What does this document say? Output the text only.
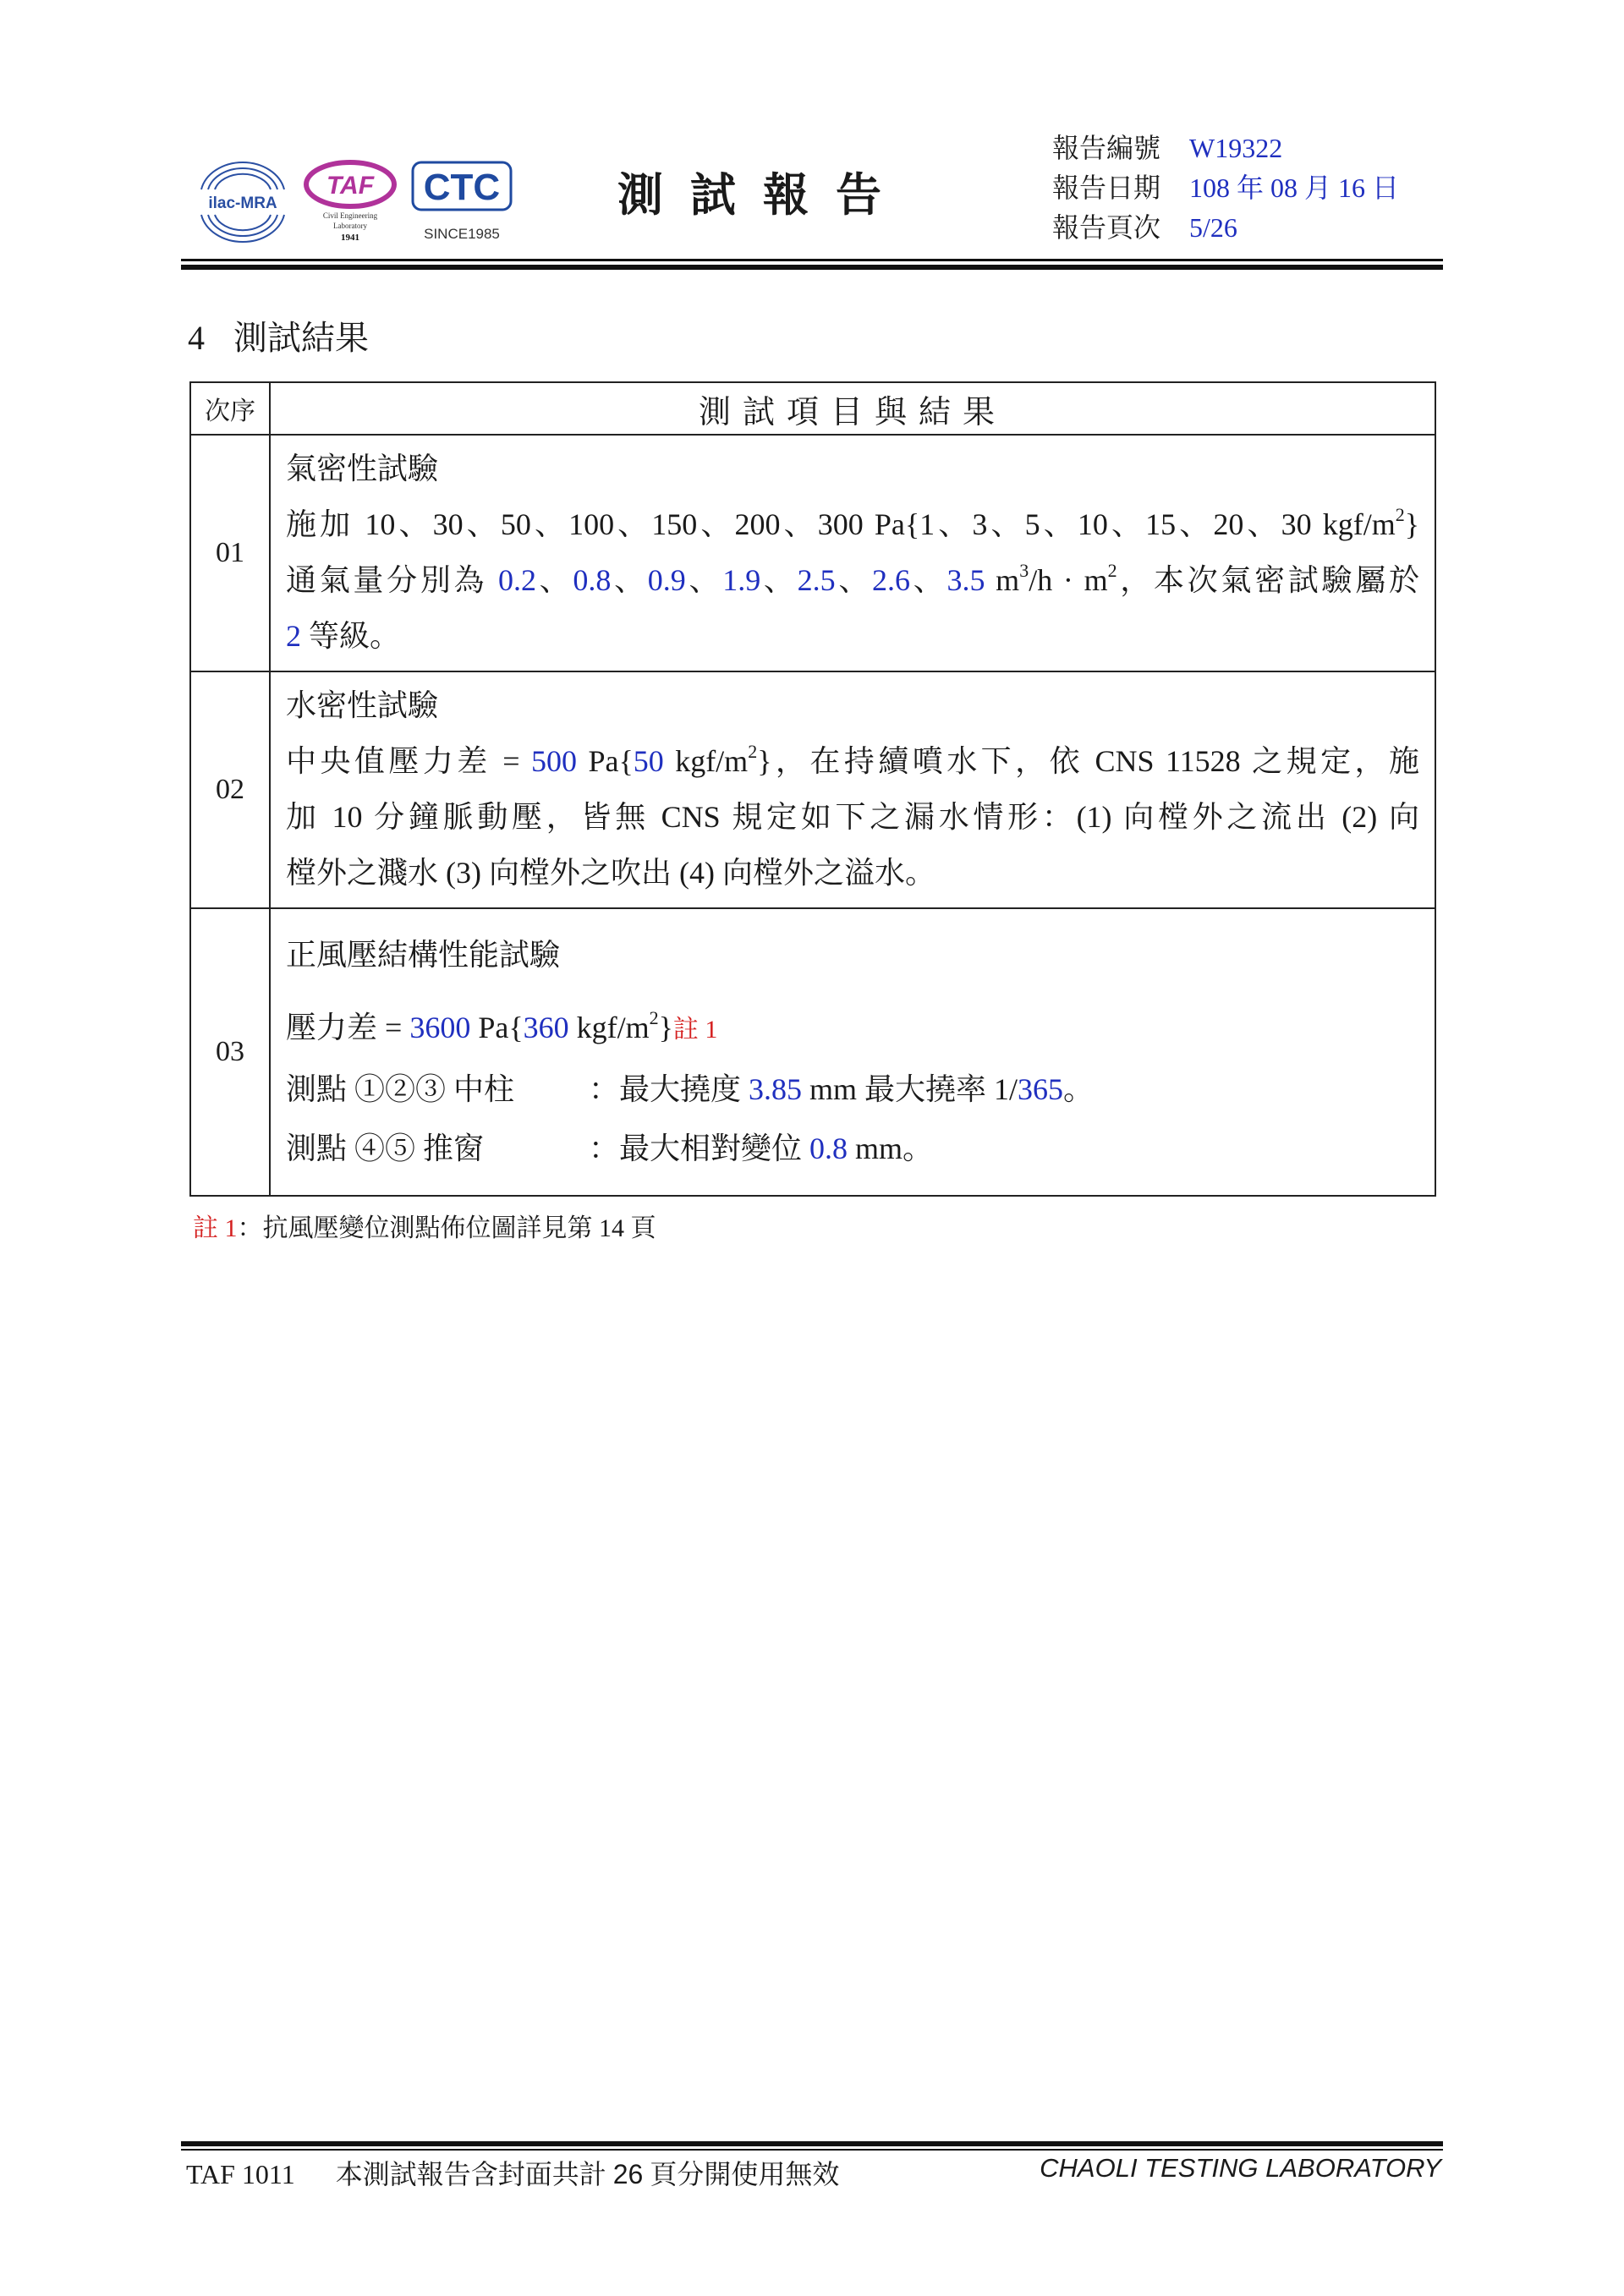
ilac-MRA
TAF
Civil Engineering
Laboratory
1941
CTC
SINCE1985
測試報告
報告編號	W19322
報告日期	108 年 08 月 16 日
報告頁次	5/26
4 測試結果
次序	測試項目與結果
01	氣密性試驗
施加 10、30、50、100、150、200、300 Pa{1、3、5、10、15、20、30 kgf/$m^2$}
通氣量分別為 0.2、0.8、0.9、1.9、2.5、2.6、3.5 $m^3/h \cdot m^2$，本次氣密試驗屬於
2 等級。

02	水密性試驗
中央值壓力差 = 500 Pa{50 kgf/$m^2$}，在持續噴水下，依 CNS 11528 之規定，施
加 10 分鐘脈動壓，皆無 CNS 規定如下之漏水情形：(1) 向樘外之流出 (2) 向
樘外之濺水 (3) 向樘外之吹出 (4) 向樘外之溢水。

03	正風壓結構性能試驗
壓力差 = 3600 Pa{360 kgf/$m^2$}註 1
測點 ①②③ 中柱 ：最大撓度 3.85 mm 最大撓率 1/365。
測點 ④⑤ 推窗 ：最大相對變位 0.8 mm。
註 1：抗風壓變位測點佈位圖詳見第 14 頁
TAF 1011 本測試報告含封面共計 26 頁分開使用無效	CHAOLI TESTING LABORATORY
